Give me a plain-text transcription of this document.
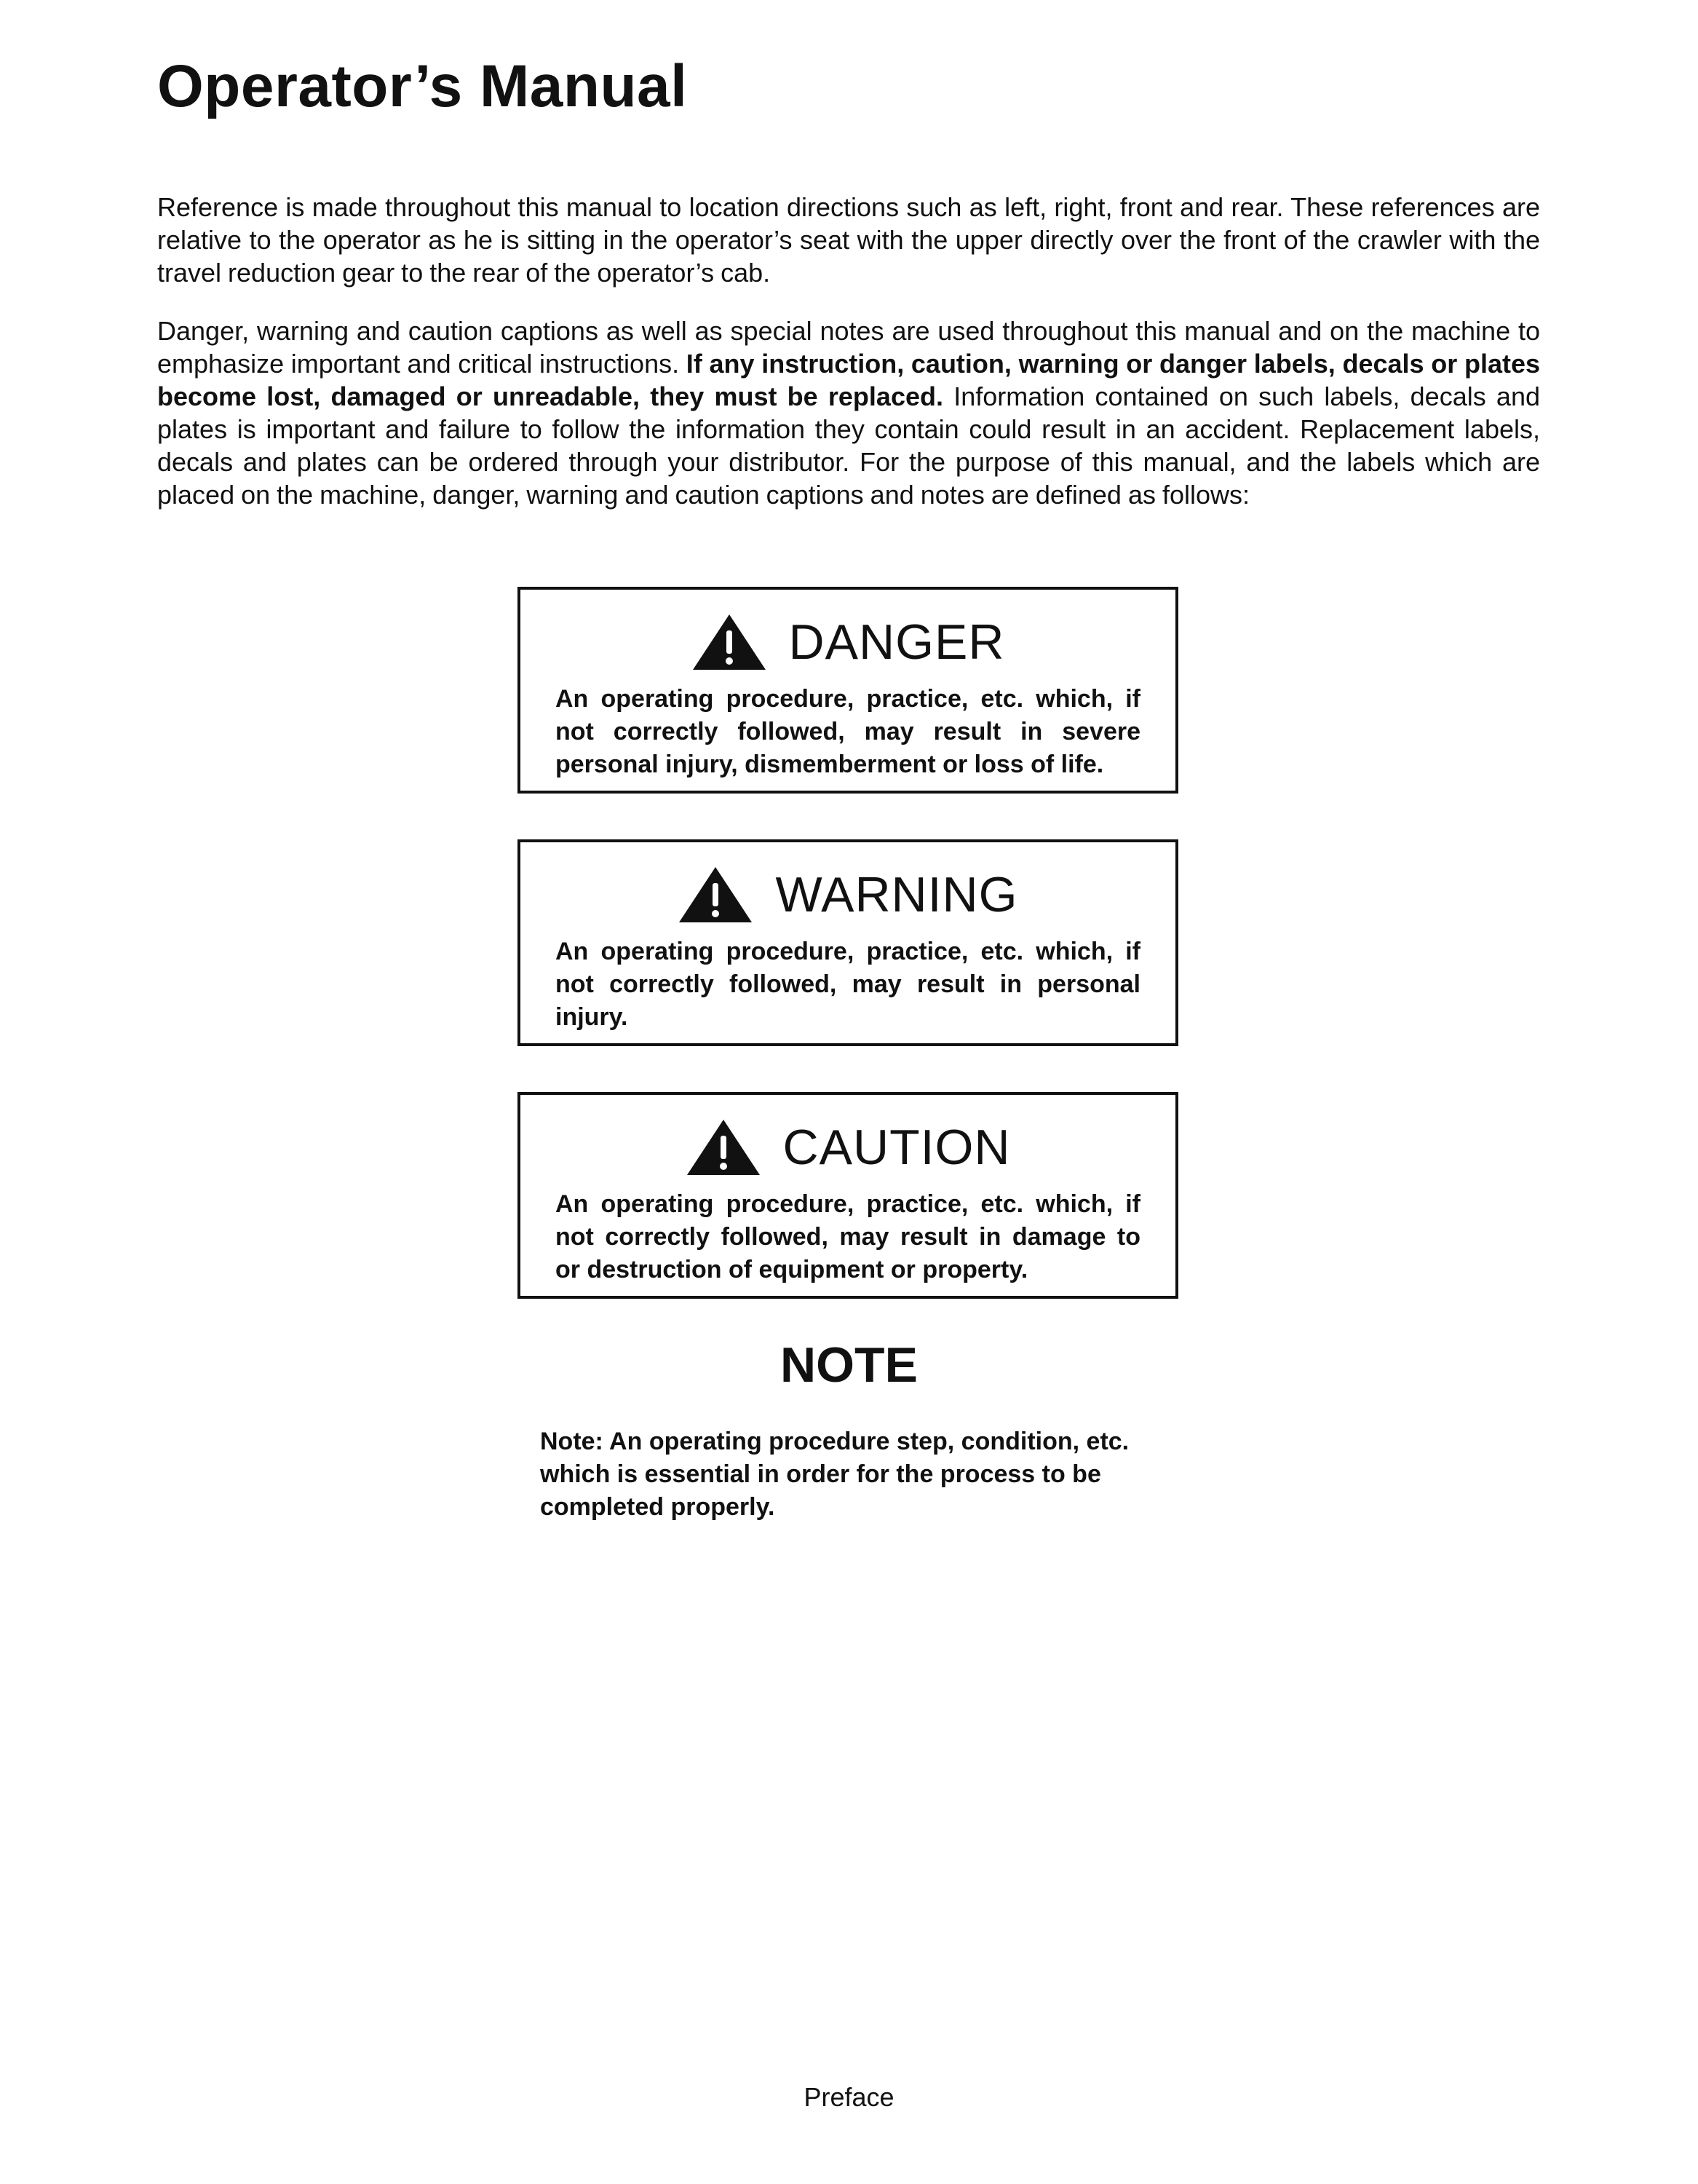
Operator’s Manual

Reference is made throughout this manual to location directions such as left, right, front and rear. These references are relative to the operator as he is sitting in the operator’s seat with the upper directly over the front of the crawler with the travel reduction gear to the rear of the operator’s cab.

Danger, warning and caution captions as well as special notes are used throughout this manual and on the machine to emphasize important and critical instructions. If any instruction, caution, warning or danger labels, decals or plates become lost, damaged or unreadable, they must be replaced. Information contained on such labels, decals and plates is important and failure to follow the information they contain could result in an accident. Replacement labels, decals and plates can be ordered through your distributor. For the purpose of this manual, and the labels which are placed on the machine, danger, warning and caution captions and notes are defined as follows:

DANGER

An operating procedure, practice, etc. which, if not correctly followed, may result in severe personal injury, dismemberment or loss of life.

WARNING

An operating procedure, practice, etc. which, if not correctly followed, may result in personal injury.

CAUTION

An operating procedure, practice, etc. which, if not correctly followed, may result in damage to or destruction of equipment or property.

NOTE

Note: An operating procedure step, condition, etc. which is essential in order for the process to be completed properly.

Preface
